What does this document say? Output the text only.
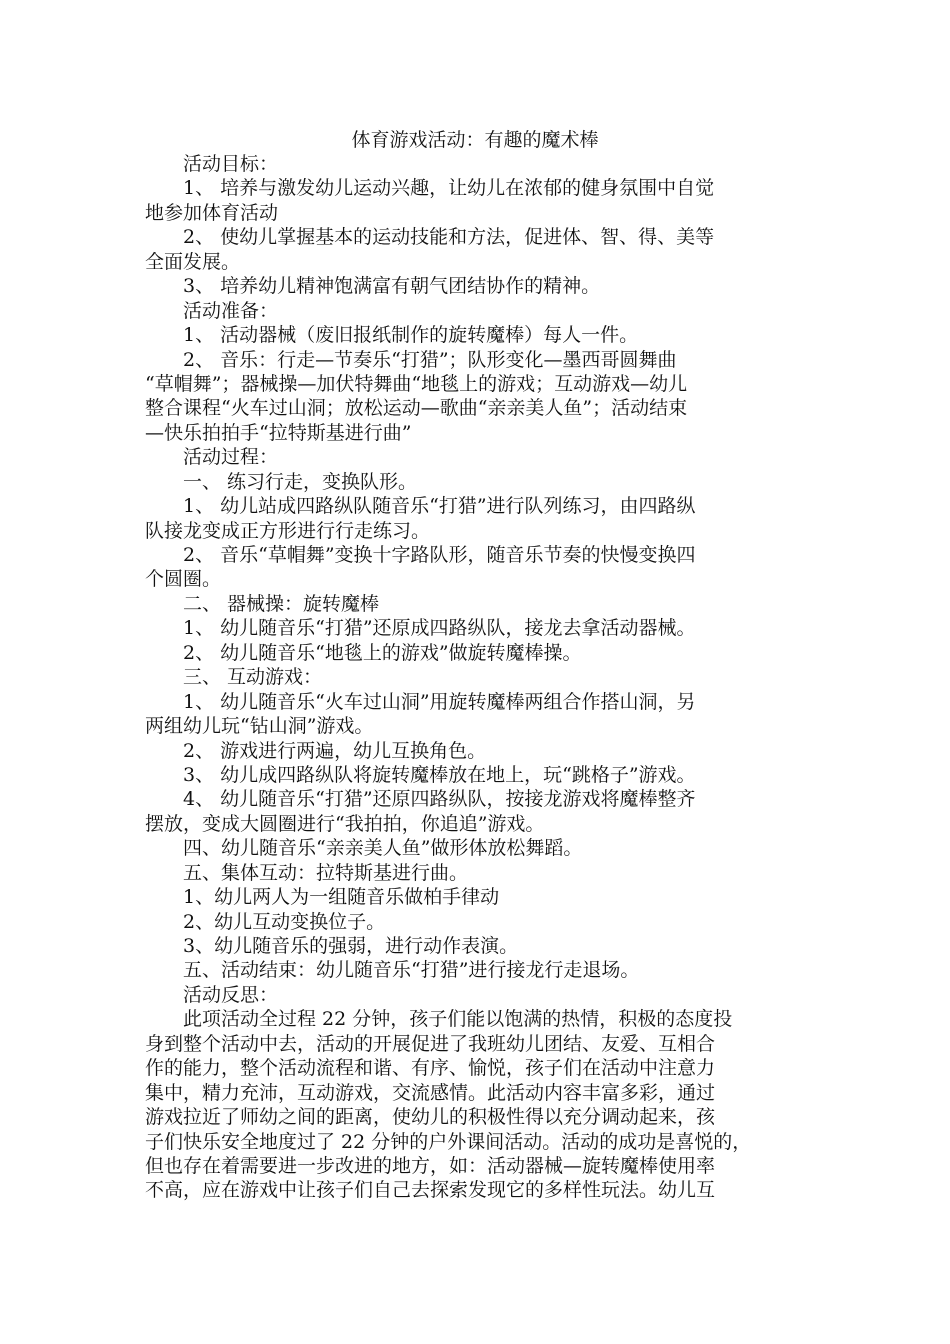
体育游戏活动：有趣的魔术棒
活动目标：
1、 培养与激发幼儿运动兴趣，让幼儿在浓郁的健身氛围中自觉
地参加体育活动
2、 使幼儿掌握基本的运动技能和方法，促进体、智、得、美等
全面发展。
3、 培养幼儿精神饱满富有朝气团结协作的精神。
活动准备：
1、 活动器械（废旧报纸制作的旋转魔棒）每人一件。
2、 音乐：行走—节奏乐“打猎”；队形变化—墨西哥圆舞曲
“草帽舞”；器械操—加伏特舞曲“地毯上的游戏；互动游戏—幼儿
整合课程“火车过山洞；放松运动—歌曲“亲亲美人鱼”；活动结束
—快乐拍拍手“拉特斯基进行曲”
活动过程：
一、 练习行走，变换队形。
1、 幼儿站成四路纵队随音乐“打猎”进行队列练习，由四路纵
队接龙变成正方形进行行走练习。
2、 音乐“草帽舞”变换十字路队形，随音乐节奏的快慢变换四
个圆圈。
二、 器械操：旋转魔棒
1、 幼儿随音乐“打猎”还原成四路纵队，接龙去拿活动器械。
2、 幼儿随音乐“地毯上的游戏”做旋转魔棒操。
三、 互动游戏：
1、 幼儿随音乐“火车过山洞”用旋转魔棒两组合作搭山洞，另
两组幼儿玩“钻山洞”游戏。
2、 游戏进行两遍，幼儿互换角色。
3、 幼儿成四路纵队将旋转魔棒放在地上，玩“跳格子”游戏。
4、 幼儿随音乐“打猎”还原四路纵队，按接龙游戏将魔棒整齐
摆放，变成大圆圈进行“我拍拍，你追追”游戏。
四、幼儿随音乐“亲亲美人鱼”做形体放松舞蹈。
五、集体互动：拉特斯基进行曲。
1、幼儿两人为一组随音乐做柏手律动
2、幼儿互动变换位子。
3、幼儿随音乐的强弱，进行动作表演。
五、活动结束：幼儿随音乐“打猎”进行接龙行走退场。
活动反思：
此项活动全过程 22 分钟，孩子们能以饱满的热情，积极的态度投
身到整个活动中去，活动的开展促进了我班幼儿团结、友爱、互相合
作的能力，整个活动流程和谐、有序、愉悦，孩子们在活动中注意力
集中，精力充沛，互动游戏，交流感情。此活动内容丰富多彩，通过
游戏拉近了师幼之间的距离，使幼儿的积极性得以充分调动起来，孩
子们快乐安全地度过了 22 分钟的户外课间活动。活动的成功是喜悦的，
但也存在着需要进一步改进的地方，如：活动器械—旋转魔棒使用率
不高，应在游戏中让孩子们自己去探索发现它的多样性玩法。幼儿互
